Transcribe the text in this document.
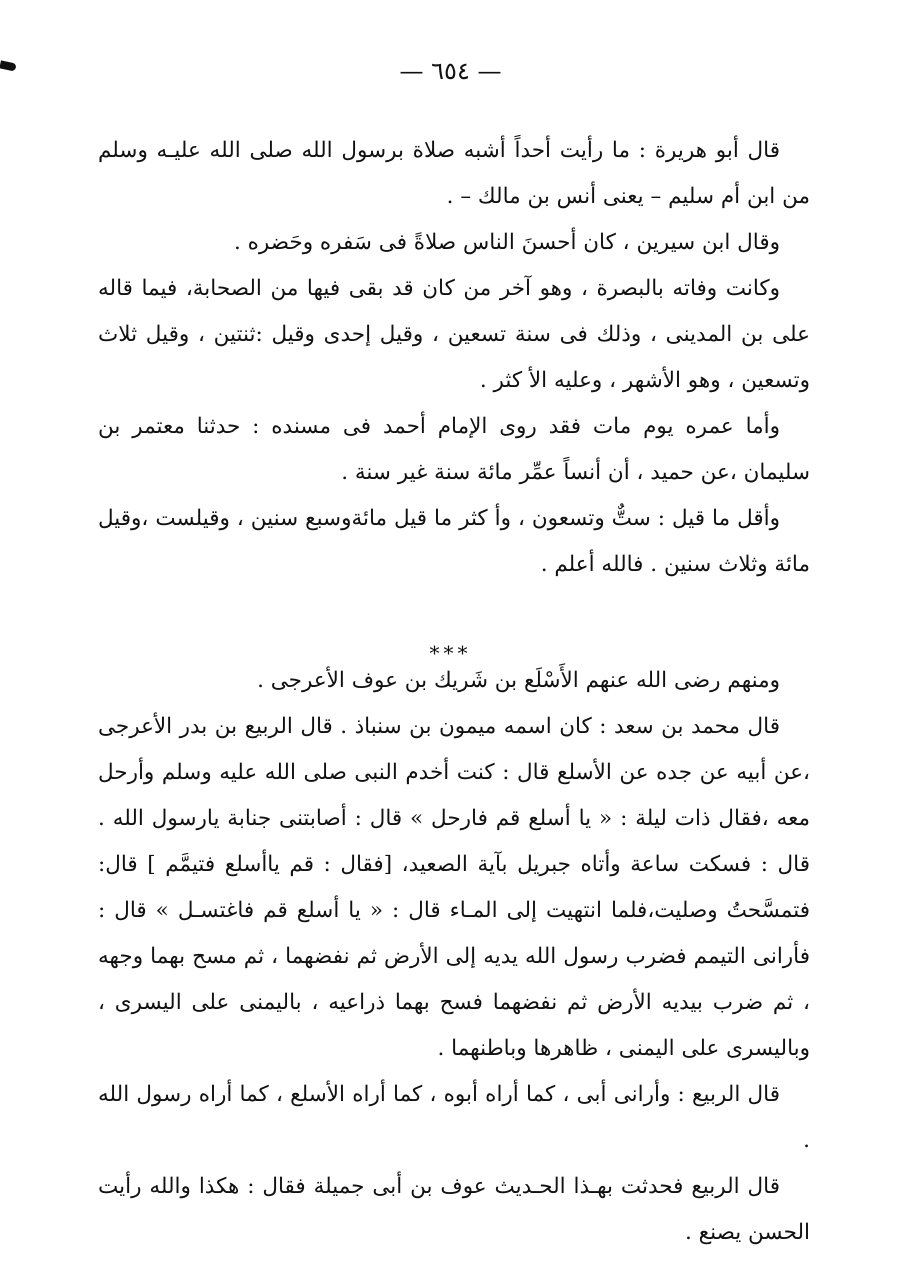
— ٦٥٤ —

قال أبو هريرة : ما رأيت أحداً أشبه صلاة برسول الله صلى الله عليـه وسلم من ابن أم سليم – يعنى أنس بن مالك – .

وقال ابن سيرين ، كان أحسنَ الناس صلاةً فى سَفره وحَضره .

وكانت وفاته بالبصرة ، وهو آخر من كان قد بقى فيها من الصحابة، فيما قاله على بن المدينى ، وذلك فى سنة تسعين ، وقيل إحدى وقيل :ثنتين ، وقيل ثلاث وتسعين ، وهو الأشهر ، وعليه الأ كثر .

وأما عمره يوم مات فقد روى الإمام أحمد فى مسنده : حدثنا معتمر بن سليمان ،عن حميد ، أن أنساً عمِّر مائة سنة غير سنة .

وأقل ما قيل : ستٌّ وتسعون ، وأ كثر ما قيل مائةوسبع سنين ، وقيلست ،وقيل مائة وثلاث سنين . فالله أعلم .

***

ومنهم رضى الله عنهم الأَسْلَع بن شَريك بن عوف الأعرجى .

قال محمد بن سعد : كان اسمه ميمون بن سنباذ . قال الربيع بن بدر الأعرجى ،عن أبيه عن جده عن الأسلع قال : كنت أخدم النبى صلى الله عليه وسلم وأرحل معه ،فقال ذات ليلة : « يا أسلع قم فارحل » قال : أصابتنى جنابة يارسول الله . قال : فسكت ساعة وأتاه جبريل بآية الصعيد، [فقال : قم ياأسلع فتيمَّم ] قال: فتمسَّحتُ وصليت،فلما انتهيت إلى المـاء قال : « يا أسلع قم فاغتسـل » قال : فأرانى التيمم فضرب رسول الله يديه إلى الأرض ثم نفضهما ، ثم مسح بهما وجهه ، ثم ضرب بيديه الأرض ثم نفضهما فسح بهما ذراعيه ، باليمنى على اليسرى ، وباليسرى على اليمنى ، ظاهرها وباطنهما .

قال الربيع : وأرانى أبى ، كما أراه أبوه ، كما أراه الأسلع ، كما أراه رسول الله .

قال الربيع فحدثت بهـذا الحـديث عوف بن أبى جميلة فقال : هكذا والله رأيت الحسن يصنع .
